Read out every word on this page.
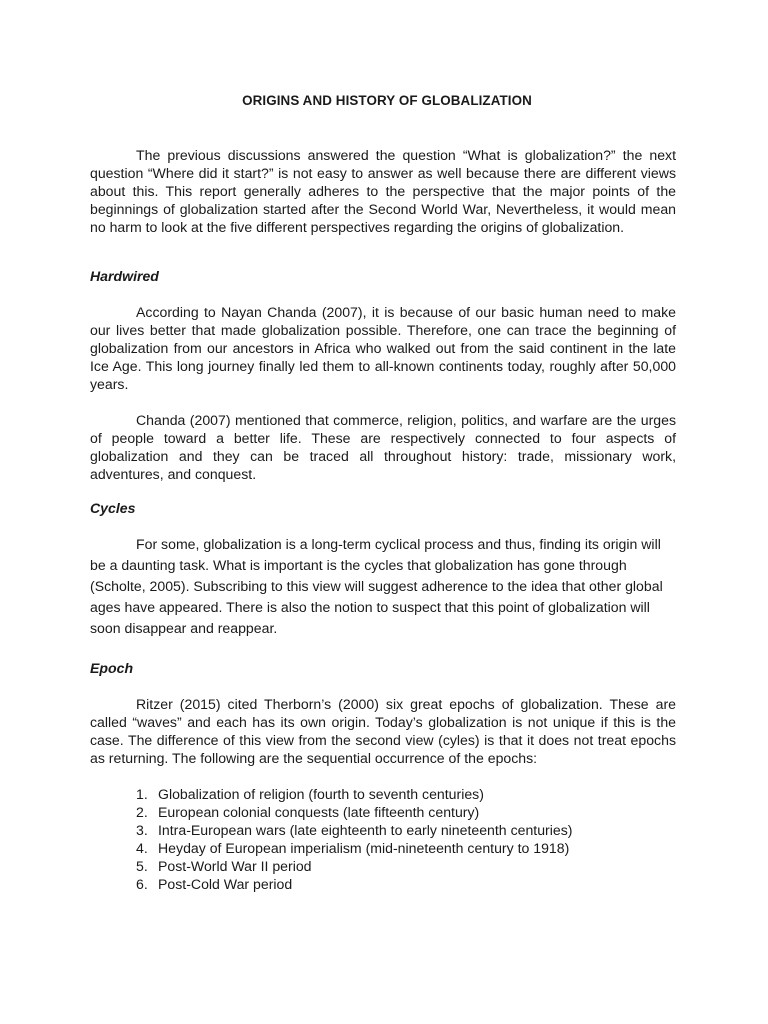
ORIGINS AND HISTORY OF GLOBALIZATION

The previous discussions answered the question “What is globalization?” the next question “Where did it start?” is not easy to answer as well because there are different views about this. This report generally adheres to the perspective that the major points of the beginnings of globalization started after the Second World War, Nevertheless, it would mean no harm to look at the five different perspectives regarding the origins of globalization.

Hardwired

According to Nayan Chanda (2007), it is because of our basic human need to make our lives better that made globalization possible. Therefore, one can trace the beginning of globalization from our ancestors in Africa who walked out from the said continent in the late Ice Age. This long journey finally led them to all-known continents today, roughly after 50,000 years.

Chanda (2007) mentioned that commerce, religion, politics, and warfare are the urges of people toward a better life. These are respectively connected to four aspects of globalization and they can be traced all throughout history: trade, missionary work, adventures, and conquest.

Cycles

For some, globalization is a long-term cyclical process and thus, finding its origin will be a daunting task. What is important is the cycles that globalization has gone through (Scholte, 2005). Subscribing to this view will suggest adherence to the idea that other global ages have appeared. There is also the notion to suspect that this point of globalization will soon disappear and reappear.

Epoch

Ritzer (2015) cited Therborn’s (2000) six great epochs of globalization. These are called “waves” and each has its own origin. Today’s globalization is not unique if this is the case. The difference of this view from the second view (cyles) is that it does not treat epochs as returning. The following are the sequential occurrence of the epochs:

1. Globalization of religion (fourth to seventh centuries)
2. European colonial conquests (late fifteenth century)
3. Intra-European wars (late eighteenth to early nineteenth centuries)
4. Heyday of European imperialism (mid-nineteenth century to 1918)
5. Post-World War II period
6. Post-Cold War period
